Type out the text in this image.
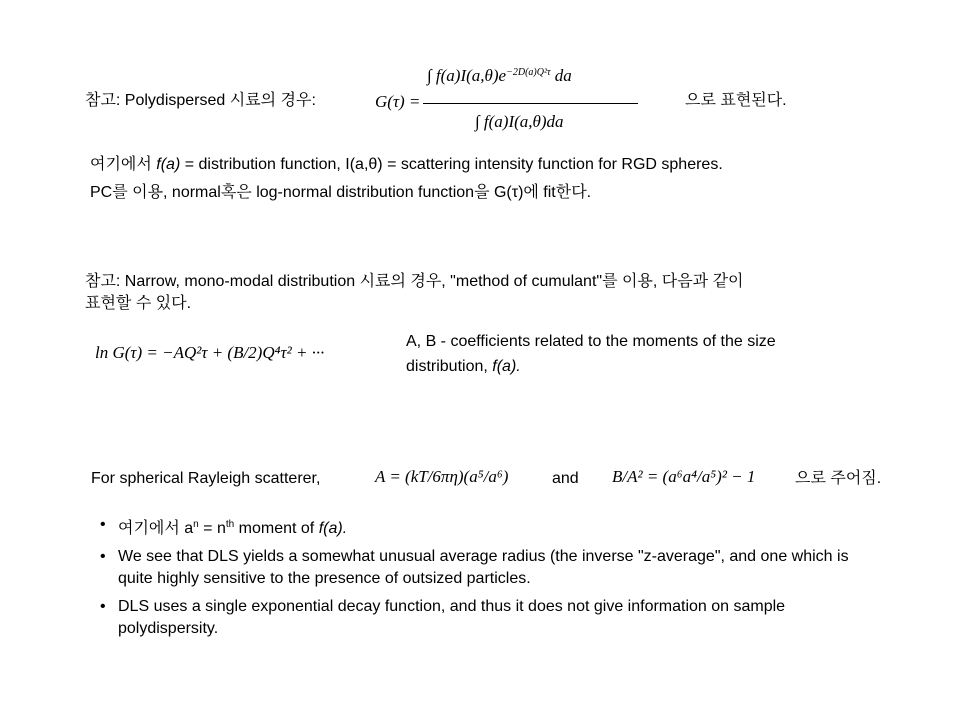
참고: Polydispersed 시료의 경우:	G(τ) =
∫ $f(a)I(a,\theta)e^{-2D(a)Q^2\tau}$ da
∫ f(a)I(a,θ)da
으로 표현된다.
여기에서 f(a) = distribution function, I(a,θ) = scattering intensity function for RGD spheres.
PC를 이용, normal혹은 log-normal distribution function을 G(τ)에 fit한다.
참고: Narrow, mono-modal distribution 시료의 경우, "method of cumulant"를 이용, 다음과 같이
표현할 수 있다.
ln G(τ) = −AQ²τ + (B/2)Q⁴τ² + ···
A, B - coefficients related to the moments of the size
distribution, f(a).
For spherical Rayleigh scatterer,	A = (kT/6πη)(a⁵/a⁶)	and B/A² = (a⁶a⁴/a⁵)² − 1 으로 주어짐.
• 여기에서 $a^n = n^{th}$ moment of f(a).
• We see that DLS yields a somewhat unusual average radius (the inverse "z-average", and one which is quite highly sensitive to the presence of outsized particles.
• DLS uses a single exponential decay function, and thus it does not give information on sample polydispersity.
